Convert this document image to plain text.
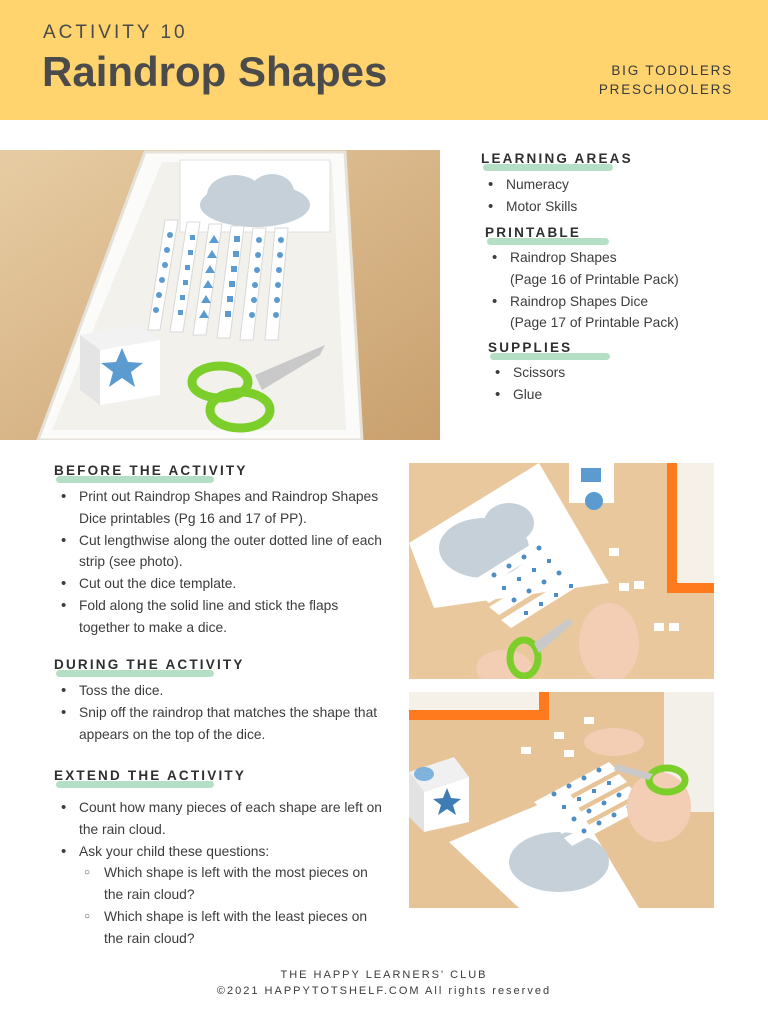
ACTIVITY 10
Raindrop Shapes	BIG TODDLERS
PRESCHOOLERS
LEARNING AREAS
• Numeracy
• Motor Skills
PRINTABLE
• Raindrop Shapes
(Page 16 of Printable Pack)
• Raindrop Shapes Dice
(Page 17 of Printable Pack)
SUPPLIES
• Scissors
• Glue
BEFORE THE ACTIVITY
• Print out Raindrop Shapes and Raindrop Shapes Dice printables (Pg 16 and 17 of PP).
• Cut lengthwise along the outer dotted line of each strip (see photo).
• Cut out the dice template.
• Fold along the solid line and stick the flaps together to make a dice.
DURING THE ACTIVITY
• Toss the dice.
• Snip off the raindrop that matches the shape that appears on the top of the dice.
EXTEND THE ACTIVITY
• Count how many pieces of each shape are left on the rain cloud.
• Ask your child these questions:
○ Which shape is left with the most pieces on the rain cloud?
○ Which shape is left with the least pieces on the rain cloud?
THE HAPPY LEARNERS' CLUB
©2021 HAPPYTOTSHELF.COM All rights reserved
